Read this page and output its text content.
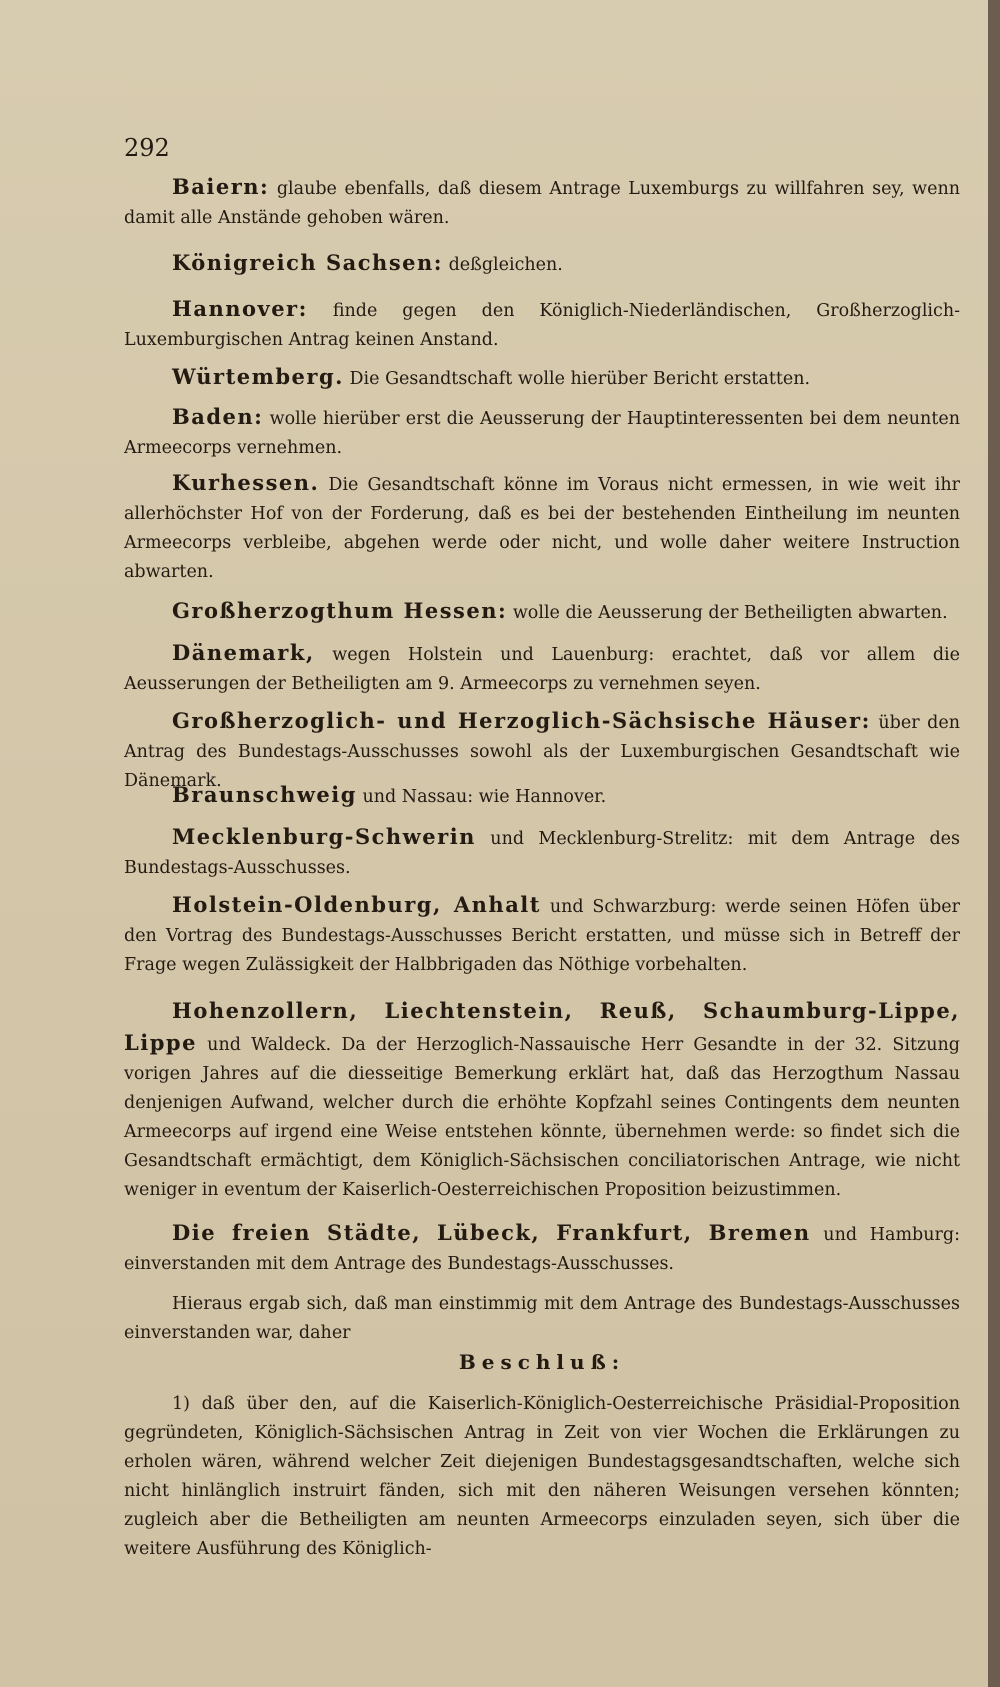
292
Baiern: glaube ebenfalls, daß diesem Antrage Luxemburgs zu willfahren sey, wenn damit alle Anstände gehoben wären.
Königreich Sachsen: deßgleichen.
Hannover: finde gegen den Königlich-Niederländischen, Großherzoglich-Luxemburgischen Antrag keinen Anstand.
Würtemberg. Die Gesandtschaft wolle hierüber Bericht erstatten.
Baden: wolle hierüber erst die Aeusserung der Hauptinteressenten bei dem neunten Armeecorps vernehmen.
Kurhessen. Die Gesandtschaft könne im Voraus nicht ermessen, in wie weit ihr allerhöchster Hof von der Forderung, daß es bei der bestehenden Eintheilung im neunten Armeecorps verbleibe, abgehen werde oder nicht, und wolle daher weitere Instruction abwarten.
Großherzogthum Hessen: wolle die Aeusserung der Betheiligten abwarten.
Dänemark, wegen Holstein und Lauenburg: erachtet, daß vor allem die Aeusserungen der Betheiligten am 9. Armeecorps zu vernehmen seyen.
Großherzoglich- und Herzoglich-Sächsische Häuser: über den Antrag des Bundestags-Ausschusses sowohl als der Luxemburgischen Gesandtschaft wie Dänemark.
Braunschweig und Nassau: wie Hannover.
Mecklenburg-Schwerin und Mecklenburg-Strelitz: mit dem Antrage des Bundestags-Ausschusses.
Holstein-Oldenburg, Anhalt und Schwarzburg: werde seinen Höfen über den Vortrag des Bundestags-Ausschusses Bericht erstatten, und müsse sich in Betreff der Frage wegen Zulässigkeit der Halbbrigaden das Nöthige vorbehalten.
Hohenzollern, Liechtenstein, Reuß, Schaumburg-Lippe, Lippe und Waldeck. Da der Herzoglich-Nassauische Herr Gesandte in der 32. Sitzung vorigen Jahres auf die diesseitige Bemerkung erklärt hat, daß das Herzogthum Nassau denjenigen Aufwand, welcher durch die erhöhte Kopfzahl seines Contingents dem neunten Armeecorps auf irgend eine Weise entstehen könnte, übernehmen werde: so findet sich die Gesandtschaft ermächtigt, dem Königlich-Sächsischen conciliatorischen Antrage, wie nicht weniger in eventum der Kaiserlich-Oesterreichischen Proposition beizustimmen.
Die freien Städte, Lübeck, Frankfurt, Bremen und Hamburg: einverstanden mit dem Antrage des Bundestags-Ausschusses.
Hieraus ergab sich, daß man einstimmig mit dem Antrage des Bundestags-Ausschusses einverstanden war, daher
Beschluß:
1) daß über den, auf die Kaiserlich-Königlich-Oesterreichische Präsidial-Proposition gegründeten, Königlich-Sächsischen Antrag in Zeit von vier Wochen die Erklärungen zu erholen wären, während welcher Zeit diejenigen Bundestagsgesandtschaften, welche sich nicht hinlänglich instruirt fänden, sich mit den näheren Weisungen versehen könnten; zugleich aber die Betheiligten am neunten Armeecorps einzuladen seyen, sich über die weitere Ausführung des Königlich-
